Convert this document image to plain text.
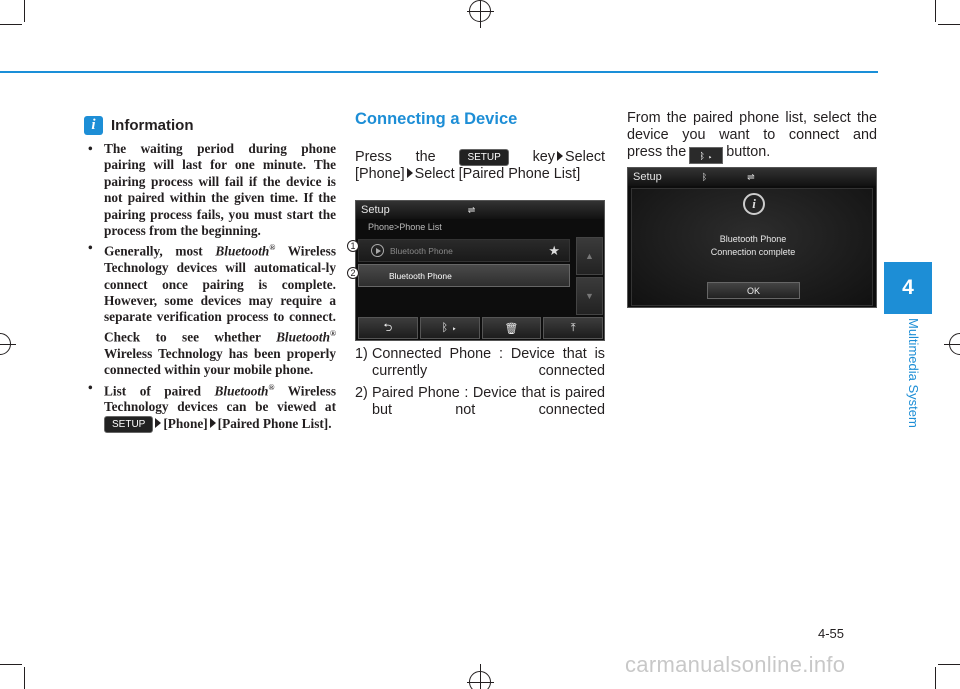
i	Information
• The waiting period during phone pairing will last for one minute. The pairing process will fail if the device is not paired within the given time. If the pairing process fails, you must start the process from the beginning.
• Generally, most Bluetooth® Wireless Technology devices will automatical-ly connect once pairing is complete. However, some devices may require a separate verification process to connect. Check to see whether Bluetooth® Wireless Technology has been properly connected within your mobile phone.
• List of paired Bluetooth® Wireless Technology devices can be viewed at SETUP [Phone] [Paired Phone List].
Connecting a Device
Press the	SETUP key Select
[Phone] Select [Paired Phone List]
Setup	⇌
Phone>Phone List
Bluetooth Phone	★
Bluetooth Phone
▲
▼
⮌	ᛒ ▸	🗑	⤒
1
2
1) Connected Phone : Device that is currently connected
2) Paired Phone : Device that is paired but not connected
From the paired phone list, select the
device you want to connect and
press the ᛒ ▸ button.
Setup	ᛒ	⇌
i
Bluetooth Phone
Connection complete
OK	4
Multimedia System
4-55
carmanualsonline.info
